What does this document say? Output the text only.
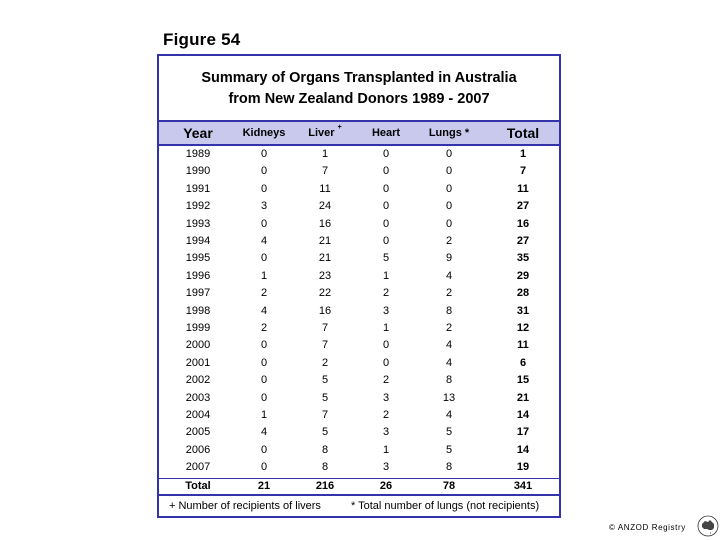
Figure 54
Summary of Organs Transplanted in Australia
from New Zealand Donors 1989 - 2007
Year	Kidneys	Liver +	Heart	Lungs *	Total
1989	0	1	0	0	1
1990	0	7	0	0	7
1991	0	11	0	0	11
1992	3	24	0	0	27
1993	0	16	0	0	16
1994	4	21	0	2	27
1995	0	21	5	9	35
1996	1	23	1	4	29
1997	2	22	2	2	28
1998	4	16	3	8	31
1999	2	7	1	2	12
2000	0	7	0	4	11
2001	0	2	0	4	6
2002	0	5	2	8	15
2003	0	5	3	13	21
2004	1	7	2	4	14
2005	4	5	3	5	17
2006	0	8	1	5	14
2007	0	8	3	8	19
Total	21	216	26	78	341
+ Number of recipients of livers	* Total number of lungs (not recipients)
© ANZOD Registry
